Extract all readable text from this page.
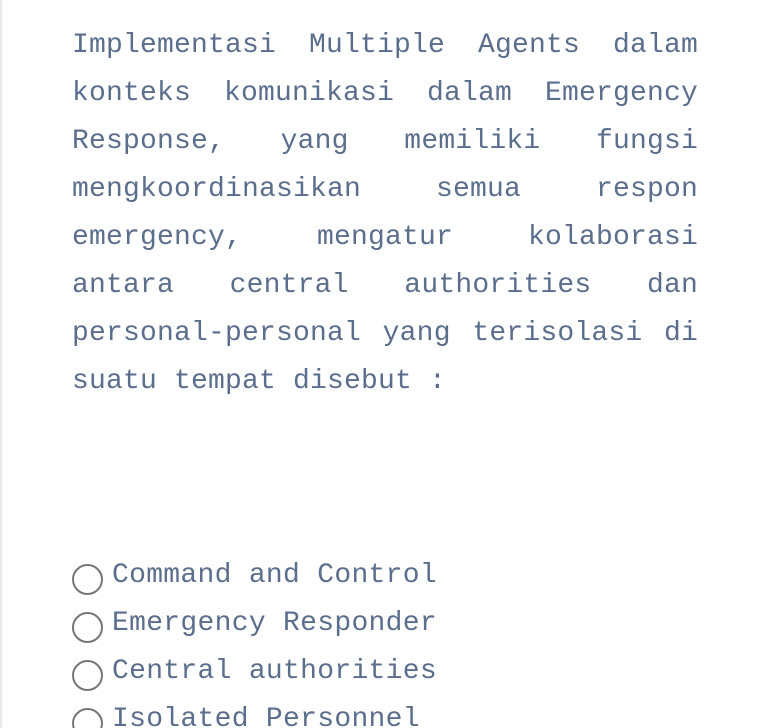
Implementasi Multiple Agents dalam konteks komunikasi dalam Emergency Response, yang memiliki fungsi mengkoordinasikan semua respon emergency, mengatur kolaborasi antara central authorities dan personal-personal yang terisolasi di suatu tempat disebut :

Command and Control
Emergency Responder
Central authorities
Isolated Personnel
